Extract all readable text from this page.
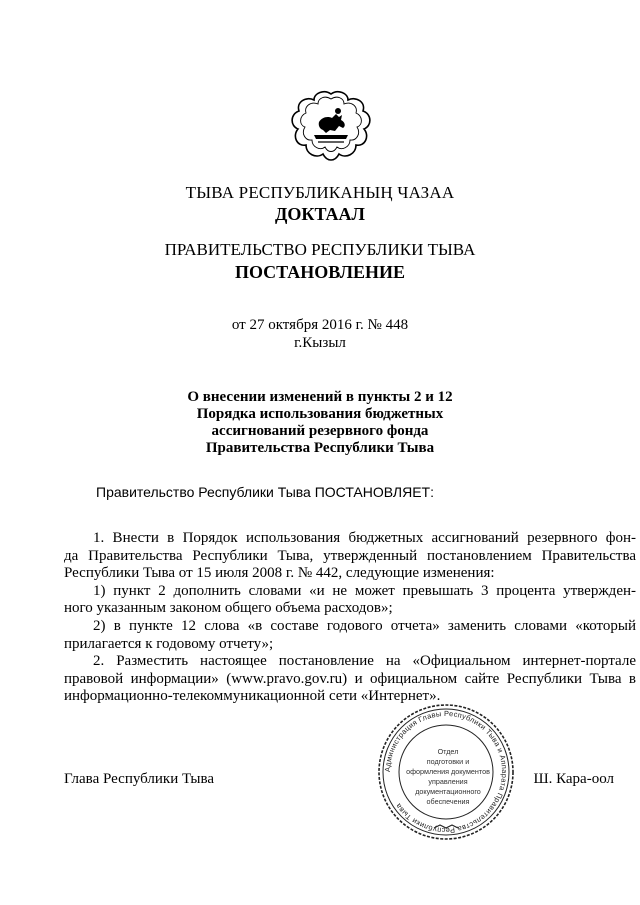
ТЫВА РЕСПУБЛИКАНЫҢ ЧАЗАА
ДОКТААЛ
ПРАВИТЕЛЬСТВО РЕСПУБЛИКИ ТЫВА
ПОСТАНОВЛЕНИЕ
от 27 октября 2016 г. № 448
г.Кызыл
О внесении изменений в пункты 2 и 12
Порядка использования бюджетных
ассигнований резервного фонда
Правительства Республики Тыва
Правительство Республики Тыва ПОСТАНОВЛЯЕТ:
1. Внести в Порядок использования бюджетных ассигнований резервного фон-
да Правительства Республики Тыва, утвержденный постановлением Правительства
Республики Тыва от 15 июля 2008 г. № 442, следующие изменения:
1) пункт 2 дополнить словами «и не может превышать 3 процента утвержден-
ного указанным законом общего объема расходов»;
2) в пункте 12 слова «в составе годового отчета» заменить словами «который
прилагается к годовому отчету»;
2. Разместить настоящее постановление на «Официальном интернет-портале
правовой информации» (www.pravo.gov.ru) и официальном сайте Республики Тыва в
информационно-телекоммуникационной сети «Интернет».
Администрация Главы Республики Тыва и Аппарата Правительства Республики Тыва
Отдел
подготовки и
оформления документов
управления
документационного
обеспечения
Глава Республики Тыва	Ш. Кара-оол
